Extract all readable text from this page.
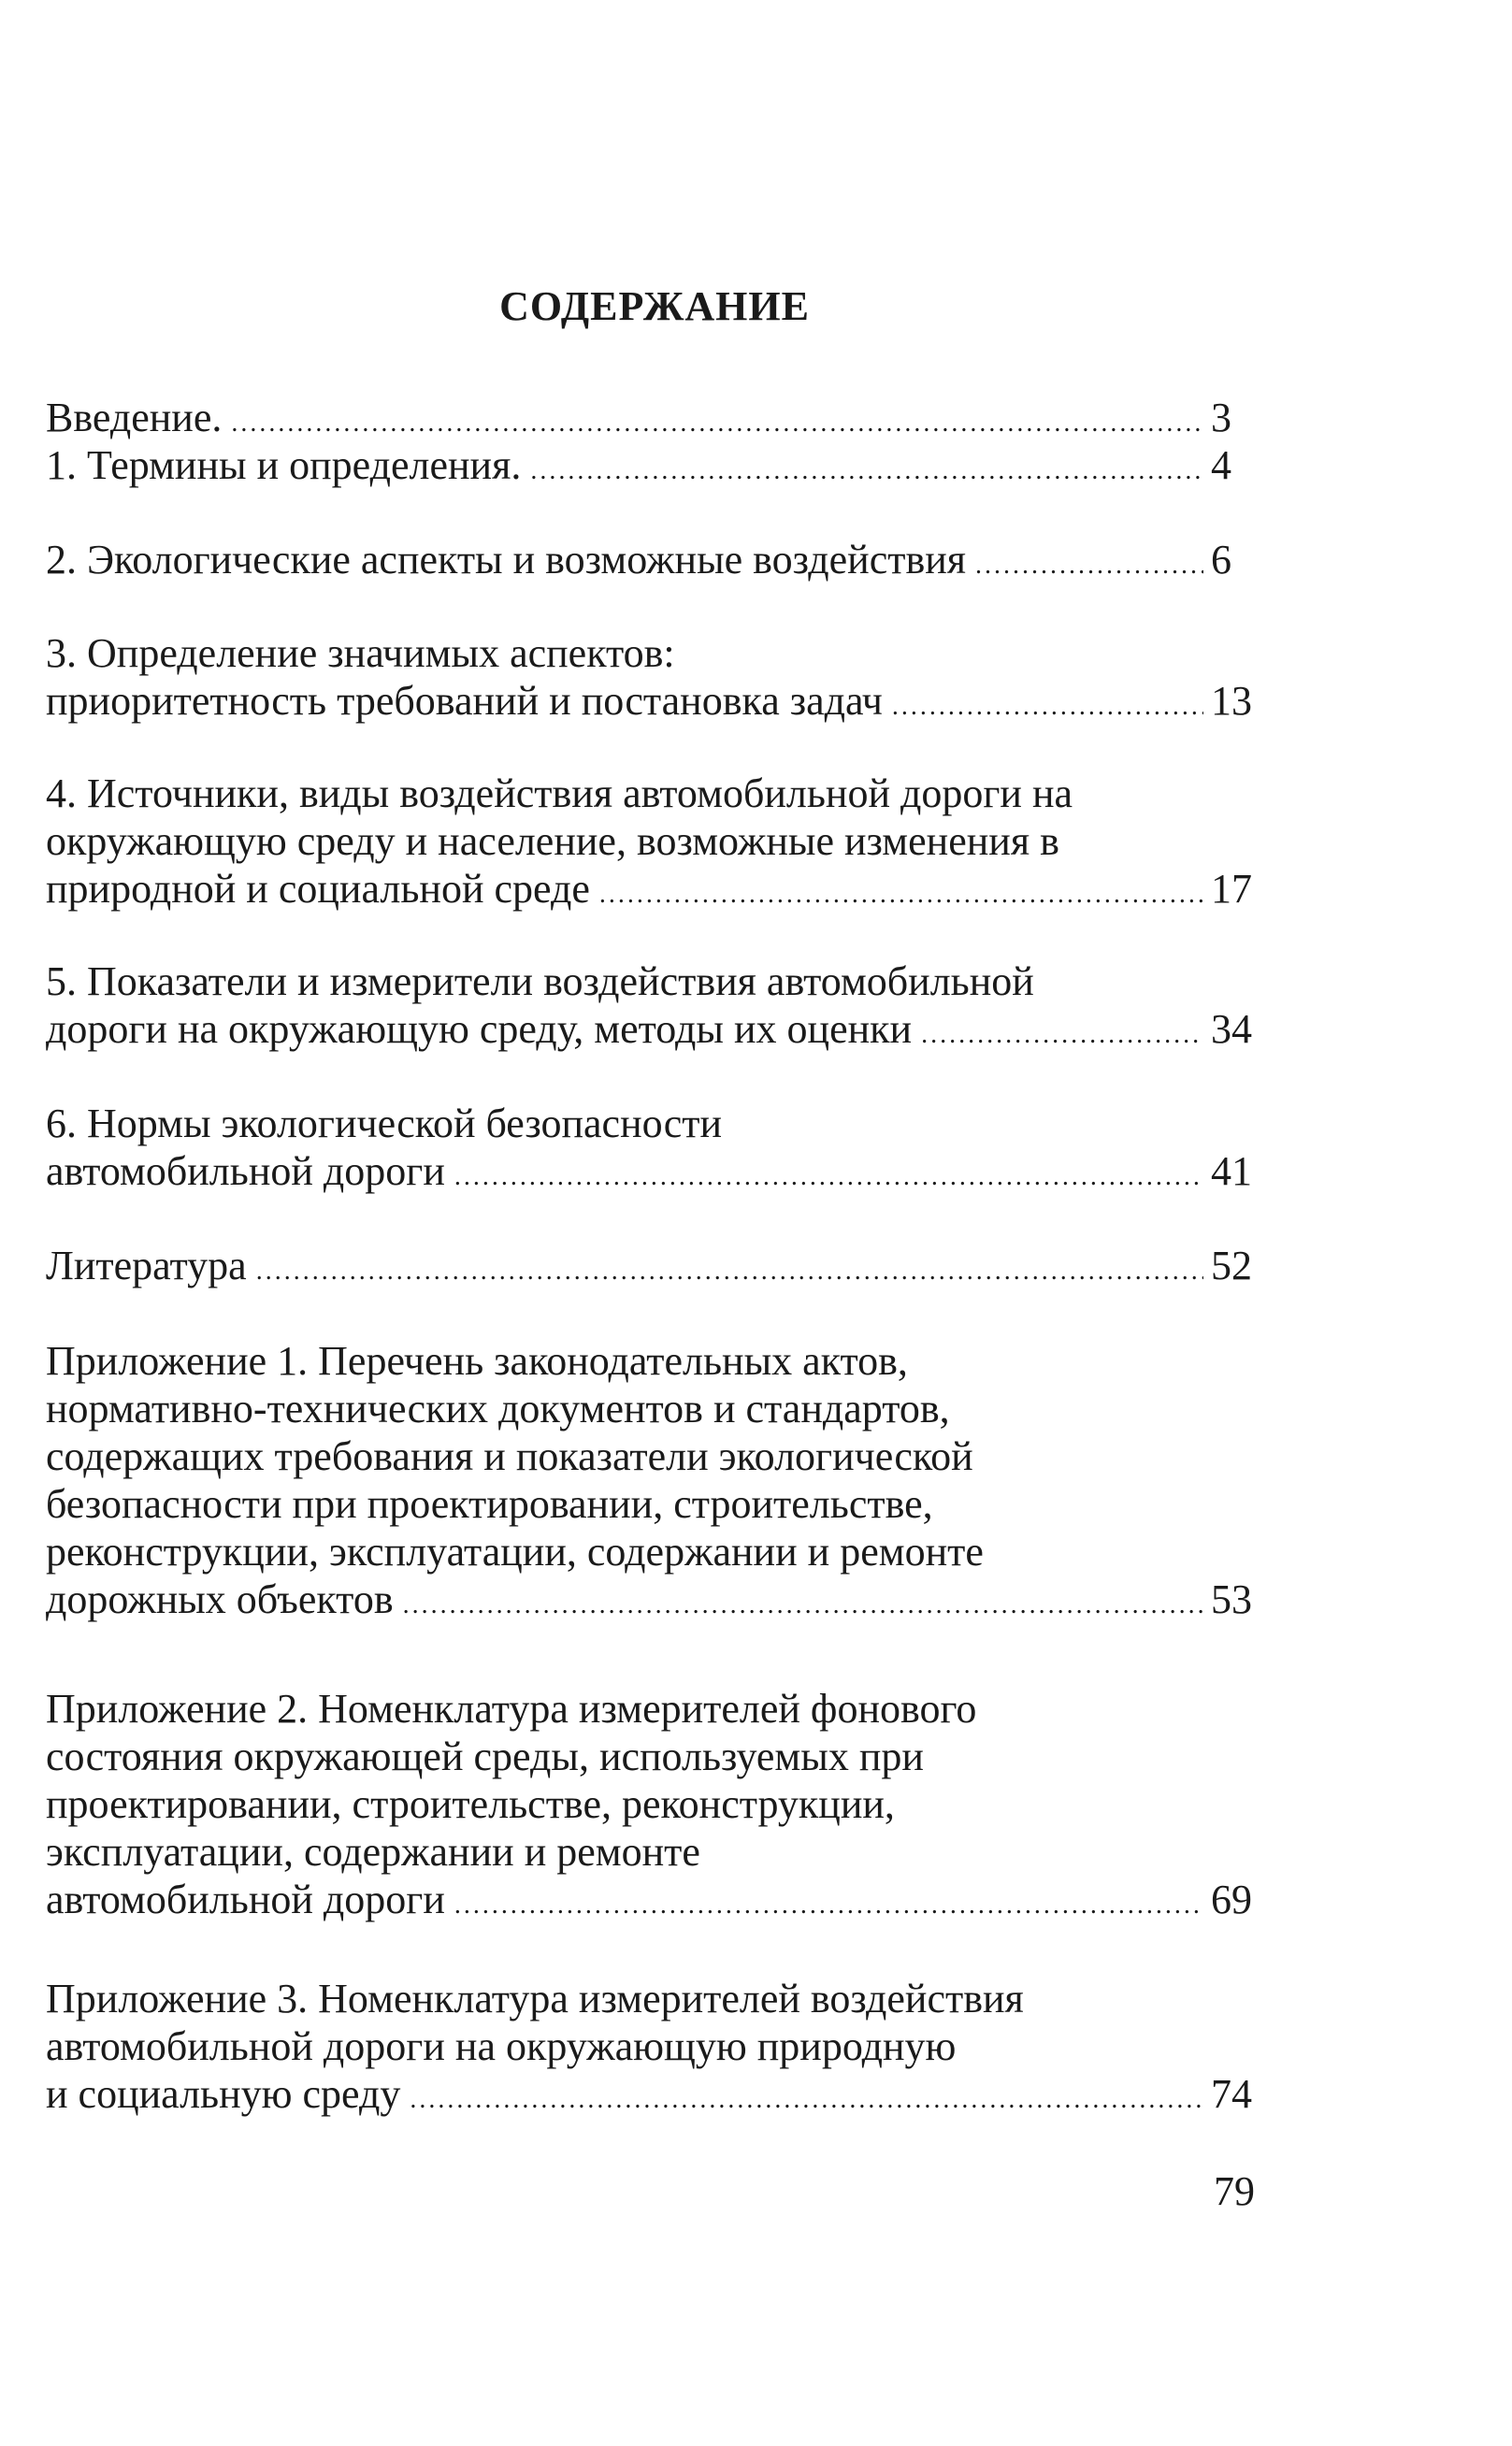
СОДЕРЖАНИЕ
Введение. . . .	3
1. Термины и определения. . . .	4
2. Экологические аспекты и возможные воздействия . . .	6
3. Определение значимых аспектов:
приоритетность требований и постановка задач . . .	13
4. Источники, виды воздействия автомобильной дороги на
окружающую среду и население, возможные изменения в
природной и социальной среде . . .	17
5. Показатели и измерители воздействия автомобильной
дороги на окружающую среду, методы их оценки . . .	34
6. Нормы экологической безопасности
автомобильной дороги . . .	41
Литература . . .	52
Приложение 1. Перечень законодательных актов,
нормативно-технических документов и стандартов,
содержащих требования и показатели экологической
безопасности при проектировании, строительстве,
реконструкции, эксплуатации, содержании и ремонте
дорожных объектов . . .	53
Приложение 2. Номенклатура измерителей фонового
состояния окружающей среды, используемых при
проектировании, строительстве, реконструкции,
эксплуатации, содержании и ремонте
автомобильной дороги . . .	69
Приложение 3. Номенклатура измерителей воздействия
автомобильной дороги на окружающую природную
и социальную среду . . .	74
79
